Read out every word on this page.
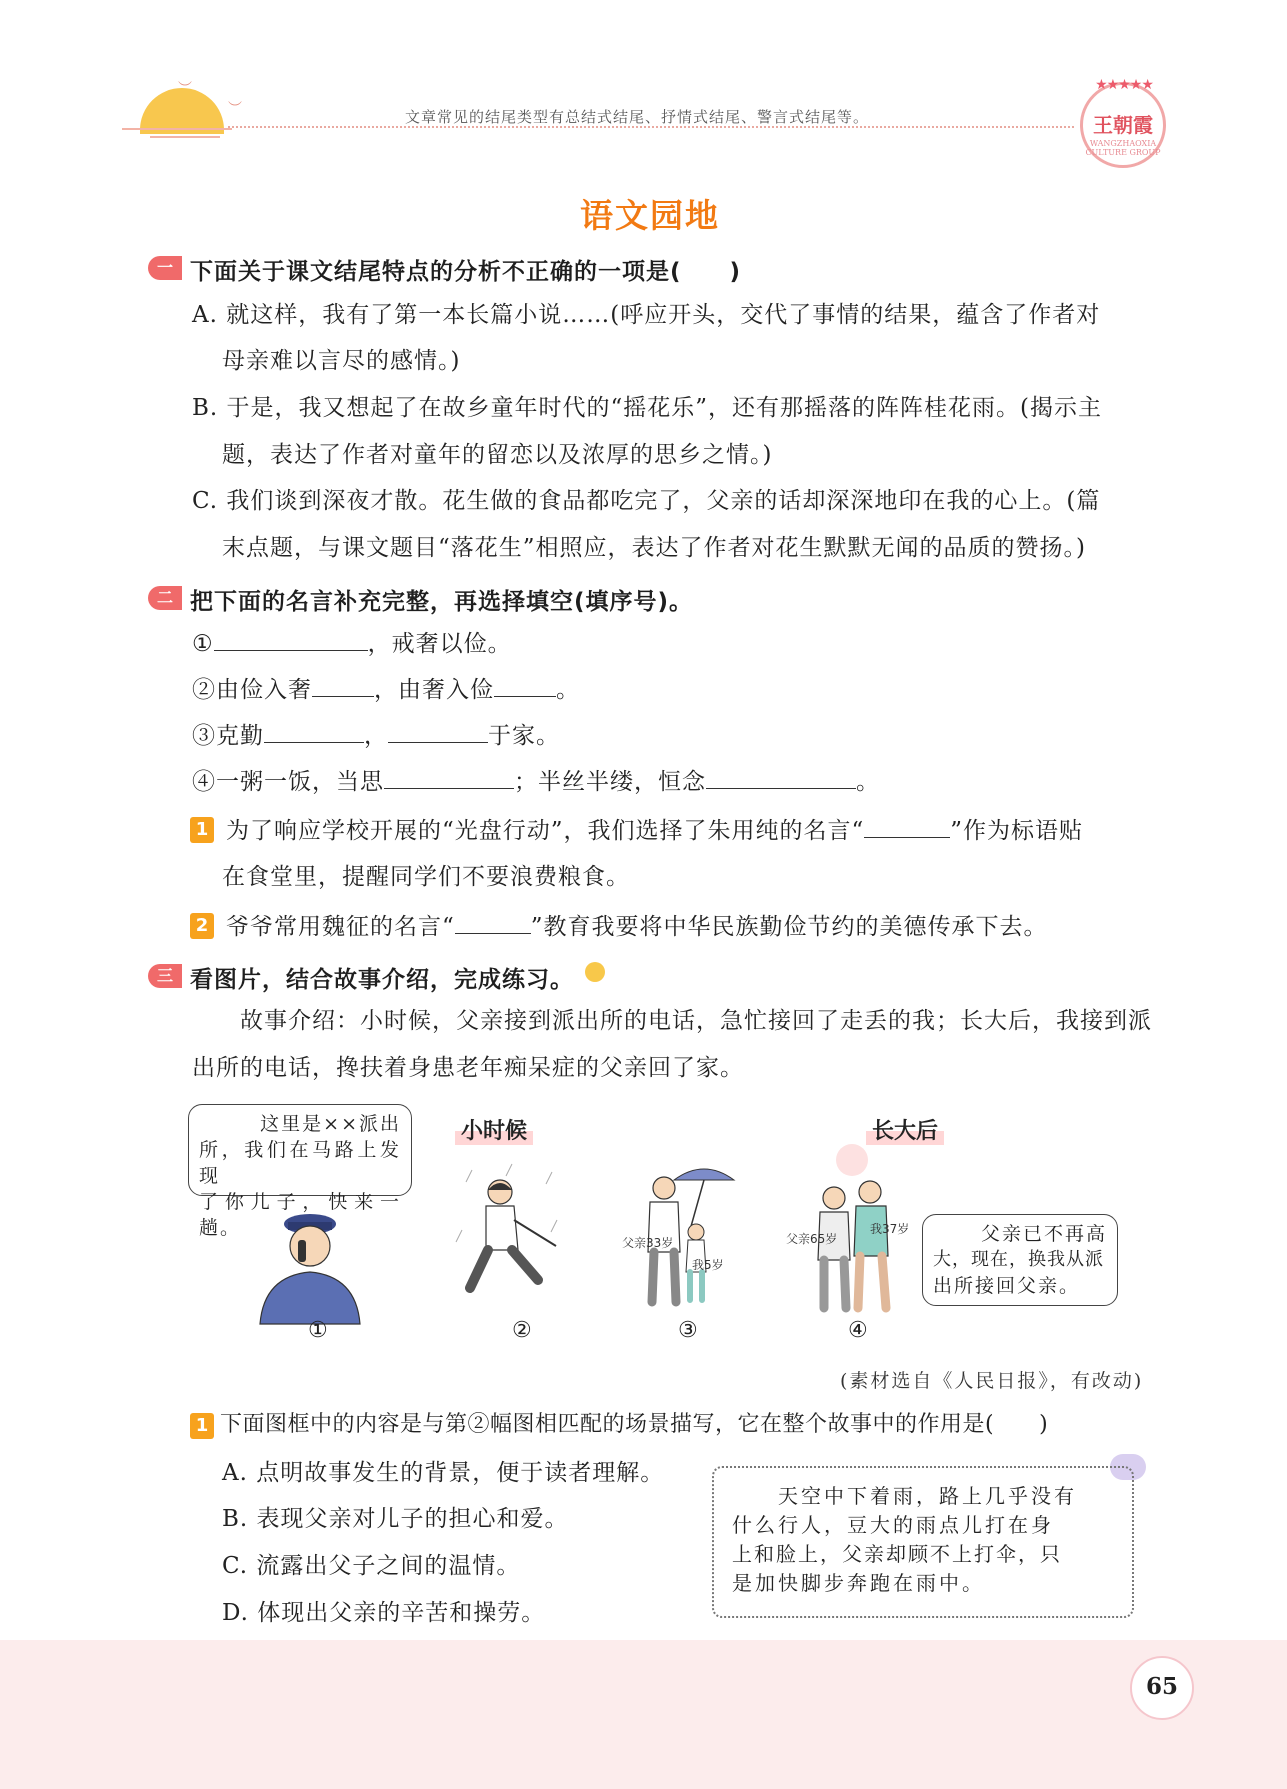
︶
︶	文章常见的结尾类型有总结式结尾、抒情式结尾、警言式结尾等。
★★★★★
王朝霞
WANGZHAOXIA CULTURE GROUP
语文园地
一 下面关于课文结尾特点的分析不正确的一项是(　　)
A. 就这样，我有了第一本长篇小说……(呼应开头，交代了事情的结果，蕴含了作者对
母亲难以言尽的感情。)
B. 于是，我又想起了在故乡童年时代的“摇花乐”，还有那摇落的阵阵桂花雨。(揭示主
题，表达了作者对童年的留恋以及浓厚的思乡之情。)
C. 我们谈到深夜才散。花生做的食品都吃完了，父亲的话却深深地印在我的心上。(篇
末点题，与课文题目“落花生”相照应，表达了作者对花生默默无闻的品质的赞扬。)
二 把下面的名言补充完整，再选择填空(填序号)。
①	，戒奢以俭。
②由俭入奢	，由奢入俭	。
③克勤	，	于家。
④一粥一饭，当思	；半丝半缕，恒念	。
1 为了响应学校开展的“光盘行动”，我们选择了朱用纯的名言“	”作为标语贴
在食堂里，提醒同学们不要浪费粮食。
2 爷爷常用魏征的名言“	”教育我要将中华民族勤俭节约的美德传承下去。
三 看图片，结合故事介绍，完成练习。
故事介绍：小时候，父亲接到派出所的电话，急忙接回了走丢的我；长大后，我接到派
出所的电话，搀扶着身患老年痴呆症的父亲回了家。
这里是××派出
所，我们在马路上发现
了你儿子，快来一趟。
小时候	长大后
父亲33岁
我5岁
父亲65岁
我37岁	父亲已不再高
大，现在，换我从派
出所接回父亲。
①	②	③	④
(素材选自《人民日报》，有改动)
1 下面图框中的内容是与第②幅图相匹配的场景描写，它在整个故事中的作用是(　　)
A. 点明故事发生的背景，便于读者理解。
B. 表现父亲对儿子的担心和爱。
C. 流露出父子之间的温情。
D. 体现出父亲的辛苦和操劳。
天空中下着雨，路上几乎没有
什么行人，豆大的雨点儿打在身
上和脸上，父亲却顾不上打伞，只
是加快脚步奔跑在雨中。
65
